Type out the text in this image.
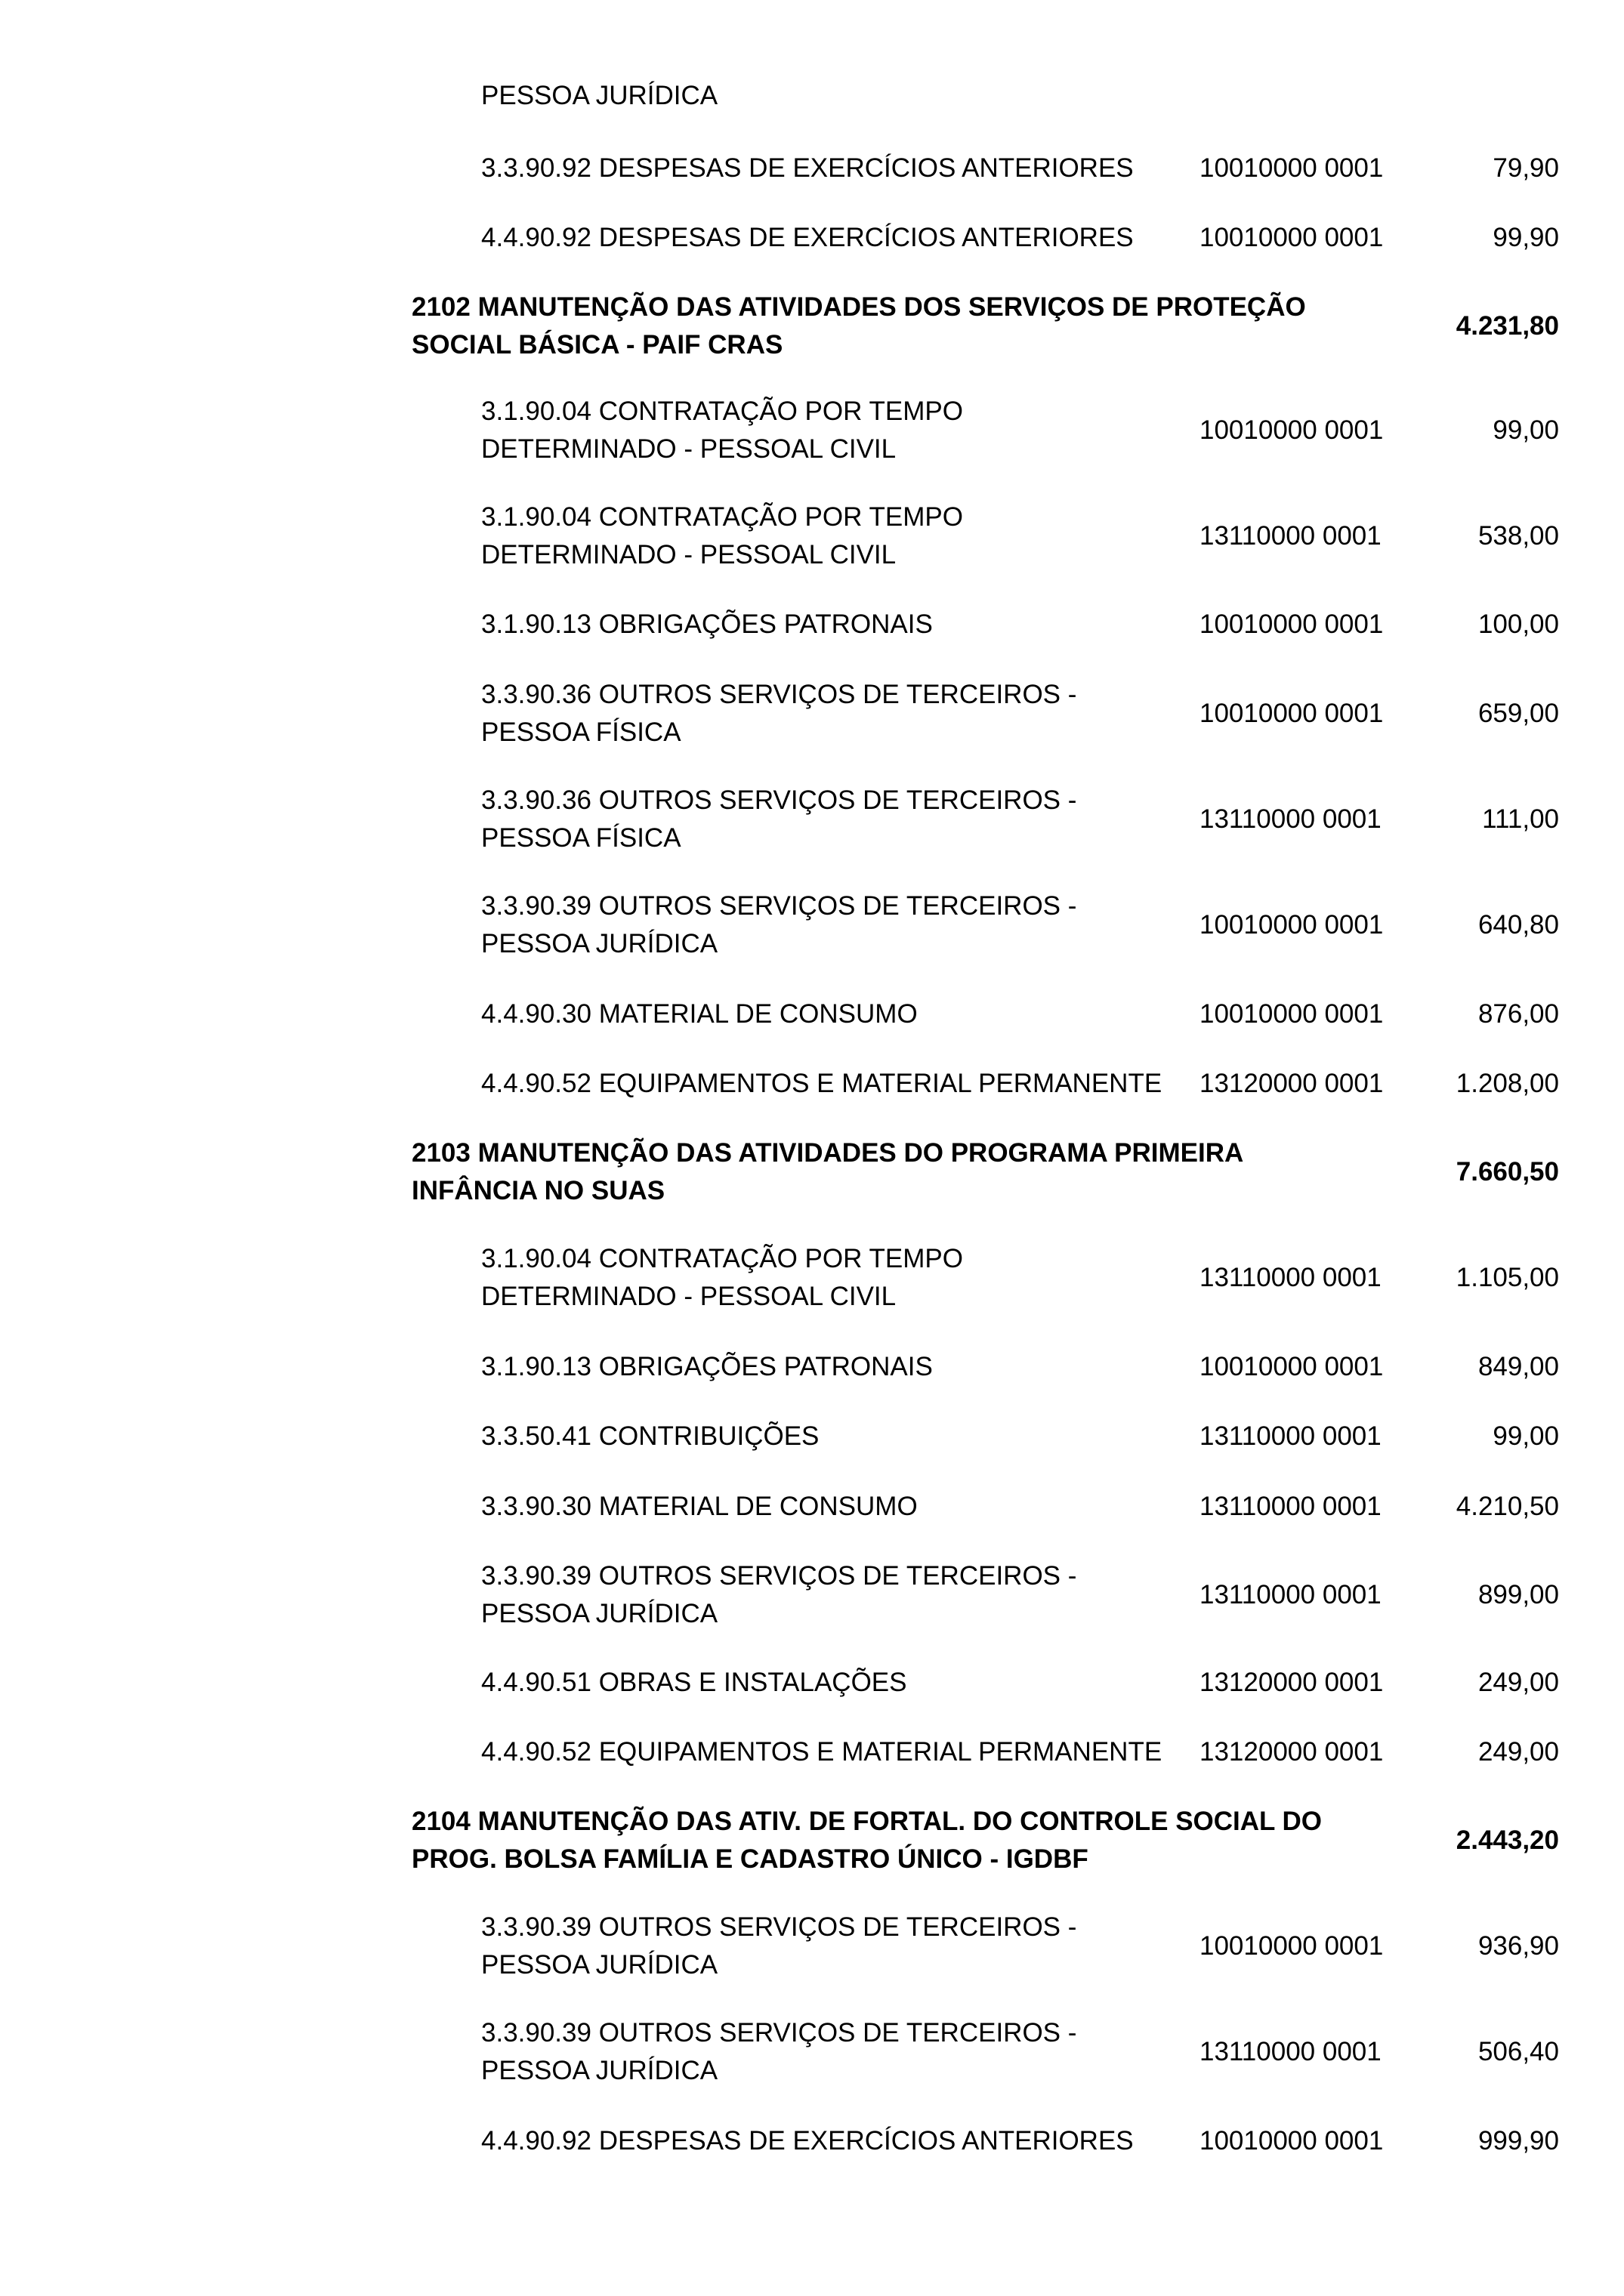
PESSOA JURÍDICA
3.3.90.92 DESPESAS DE EXERCÍCIOS ANTERIORES	10010000 0001	79,90
4.4.90.92 DESPESAS DE EXERCÍCIOS ANTERIORES	10010000 0001	99,90
2102 MANUTENÇÃO DAS ATIVIDADES DOS SERVIÇOS DE PROTEÇÃO
SOCIAL BÁSICA - PAIF CRAS
4.231,80
3.1.90.04 CONTRATAÇÃO POR TEMPO
DETERMINADO - PESSOAL CIVIL
10010000 0001	99,00
3.1.90.04 CONTRATAÇÃO POR TEMPO
DETERMINADO - PESSOAL CIVIL
13110000 0001	538,00
3.1.90.13 OBRIGAÇÕES PATRONAIS	10010000 0001	100,00
3.3.90.36 OUTROS SERVIÇOS DE TERCEIROS -
PESSOA FÍSICA
10010000 0001	659,00
3.3.90.36 OUTROS SERVIÇOS DE TERCEIROS -
PESSOA FÍSICA
13110000 0001	111,00
3.3.90.39 OUTROS SERVIÇOS DE TERCEIROS -
PESSOA JURÍDICA
10010000 0001	640,80
4.4.90.30 MATERIAL DE CONSUMO	10010000 0001	876,00
4.4.90.52 EQUIPAMENTOS E MATERIAL PERMANENTE	13120000 0001	1.208,00
2103 MANUTENÇÃO DAS ATIVIDADES DO PROGRAMA PRIMEIRA
INFÂNCIA NO SUAS
7.660,50
3.1.90.04 CONTRATAÇÃO POR TEMPO
DETERMINADO - PESSOAL CIVIL
13110000 0001	1.105,00
3.1.90.13 OBRIGAÇÕES PATRONAIS	10010000 0001	849,00
3.3.50.41 CONTRIBUIÇÕES	13110000 0001	99,00
3.3.90.30 MATERIAL DE CONSUMO	13110000 0001	4.210,50
3.3.90.39 OUTROS SERVIÇOS DE TERCEIROS -
PESSOA JURÍDICA
13110000 0001	899,00
4.4.90.51 OBRAS E INSTALAÇÕES	13120000 0001	249,00
4.4.90.52 EQUIPAMENTOS E MATERIAL PERMANENTE	13120000 0001	249,00
2104 MANUTENÇÃO DAS ATIV. DE FORTAL. DO CONTROLE SOCIAL DO
PROG. BOLSA FAMÍLIA E CADASTRO ÚNICO - IGDBF
2.443,20
3.3.90.39 OUTROS SERVIÇOS DE TERCEIROS -
PESSOA JURÍDICA
10010000 0001	936,90
3.3.90.39 OUTROS SERVIÇOS DE TERCEIROS -
PESSOA JURÍDICA
13110000 0001	506,40
4.4.90.92 DESPESAS DE EXERCÍCIOS ANTERIORES	10010000 0001	999,90
